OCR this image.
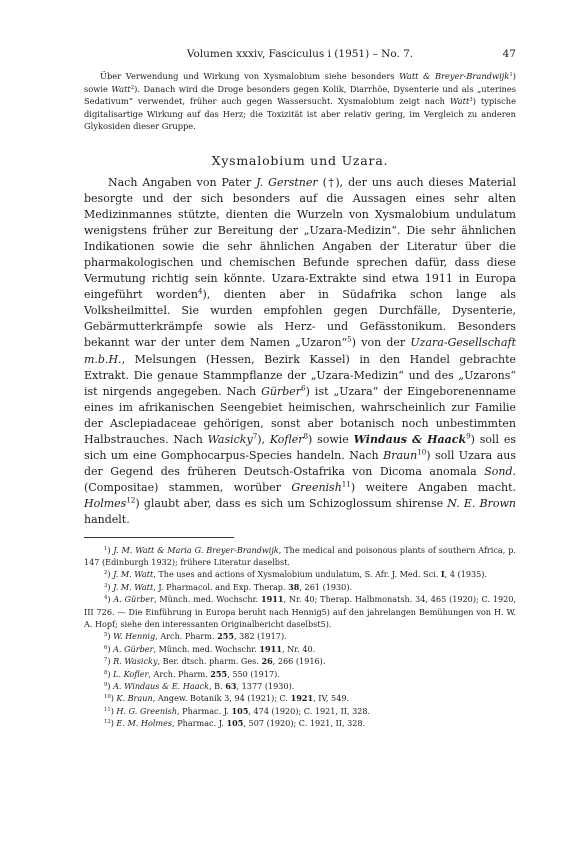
Volumen xxxiv, Fasciculus i (1951) – No. 7.	47

Über Verwendung und Wirkung von Xysmalobium siehe besonders Watt & Breyer-Brandwijk$^1$) sowie Watt$^2$). Danach wird die Droge besonders gegen Kolik, Diarrhöe, Dysenterie und als „uterines Sedativum“ verwendet, früher auch gegen Wassersucht. Xysmalobium zeigt nach Watt$^3$) typische digitalisartige Wirkung auf das Herz; die Toxizität ist aber relativ gering, im Vergleich zu anderen Glykosiden dieser Gruppe.

Xysmalobium und Uzara.

Nach Angaben von Pater J. Gerstner (†), der uns auch dieses Material besorgte und der sich besonders auf die Aussagen eines sehr alten Medizinmannes stützte, dienten die Wurzeln von Xysmalobium undulatum wenigstens früher zur Bereitung der „Uzara-Medizin“. Die sehr ähnlichen Indikationen sowie die sehr ähnlichen Angaben der Literatur über die pharmakologischen und chemischen Befunde sprechen dafür, dass diese Vermutung richtig sein könnte. Uzara-Extrakte sind etwa 1911 in Europa eingeführt worden$^4$), dienten aber in Südafrika schon lange als Volksheilmittel. Sie wurden empfohlen gegen Durchfälle, Dysenterie, Gebärmutterkrämpfe sowie als Herz- und Gefässtonikum. Besonders bekannt war der unter dem Namen „Uzaron“$^5$) von der Uzara-Gesellschaft m.b.H., Melsungen (Hessen, Bezirk Kassel) in den Handel gebrachte Extrakt. Die genaue Stammpflanze der „Uzara-Medizin“ und des „Uzarons“ ist nirgends angegeben. Nach Gürber$^6$) ist „Uzara“ der Eingeborenenname eines im afrikanischen Seengebiet heimischen, wahrscheinlich zur Familie der Asclepiadaceae gehörigen, sonst aber botanisch noch unbestimmten Halbstrauches. Nach Wasicky$^7$), Kofler$^8$) sowie Windaus & Haack$^9$) soll es sich um eine Gomphocarpus-Species handeln. Nach Braun$^{10}$) soll Uzara aus der Gegend des früheren Deutsch-Ostafrika von Dicoma anomala Sond. (Compositae) stammen, worüber Greenish$^{11}$) weitere Angaben macht. Holmes$^{12}$) glaubt aber, dass es sich um Schizoglossum shirense N. E. Brown handelt.

$^1$) J. M. Watt & Maria G. Breyer-Brandwijk, The medical and poisonous plants of southern Africa, p. 147 (Edinburgh 1932); frühere Literatur daselbst.

$^2$) J. M. Watt, The uses and actions of Xysmalobium undulatum, S. Afr. J. Med. Sci. I, 4 (1935).

$^3$) J. M. Watt, J. Pharmacol. and Exp. Therap. 38, 261 (1930).

$^4$) A. Gürber, Münch. med. Wochschr. 1911, Nr. 40; Therap. Halbmonatsh. 34, 465 (1920); C. 1920, III 726. — Die Einführung in Europa beruht nach Hennig5) auf den jahrelangen Bemühungen von H. W. A. Hopf; siehe den interessanten Originalbericht daselbst5).

$^5$) W. Hennig, Arch. Pharm. 255, 382 (1917).

$^6$) A. Gürber, Münch. med. Wochschr. 1911, Nr. 40.

$^7$) R. Wasicky, Ber. dtsch. pharm. Ges. 26, 266 (1916).

$^8$) L. Kofler, Arch. Pharm. 255, 550 (1917).

$^9$) A. Windaus & E. Haack, B. 63, 1377 (1930).

$^{10}$) K. Braun, Angew. Botanik 3, 94 (1921); C. 1921, IV, 549.

$^{11}$) H. G. Greenish, Pharmac. J. 105, 474 (1920); C. 1921, II, 328.

$^{12}$) E. M. Holmes, Pharmac. J. 105, 507 (1920); C. 1921, II, 328.
